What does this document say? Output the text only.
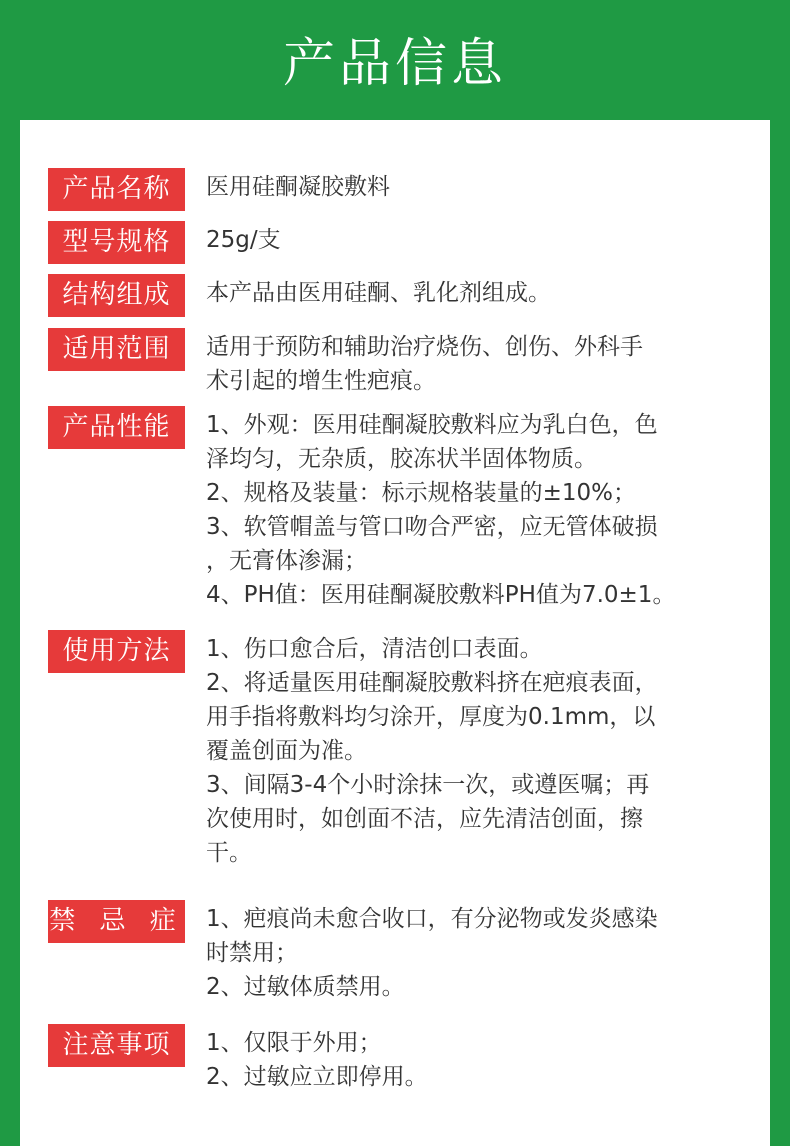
产品信息
产品名称	医用硅酮凝胶敷料

型号规格	25g/支

结构组成	本产品由医用硅酮、乳化剂组成。

适用范围	适用于预防和辅助治疗烧伤、创伤、外科手

术引起的增生性疤痕。

产品性能	1、外观：医用硅酮凝胶敷料应为乳白色，色

泽均匀，无杂质，胶冻状半固体物质。

2、规格及装量：标示规格装量的±10%；

3、软管帽盖与管口吻合严密，应无管体破损

，无膏体渗漏；

4、PH值：医用硅酮凝胶敷料PH值为7.0±1。

使用方法	1、伤口愈合后，清洁创口表面。

2、将适量医用硅酮凝胶敷料挤在疤痕表面，

用手指将敷料均匀涂开，厚度为0.1mm，以

覆盖创面为准。

3、间隔3-4个小时涂抹一次，或遵医嘱；再

次使用时，如创面不洁，应先清洁创面，擦

干。

禁 忌 症 1、疤痕尚未愈合收口，有分泌物或发炎感染

时禁用；

2、过敏体质禁用。

注意事项	1、仅限于外用；

2、过敏应立即停用。
